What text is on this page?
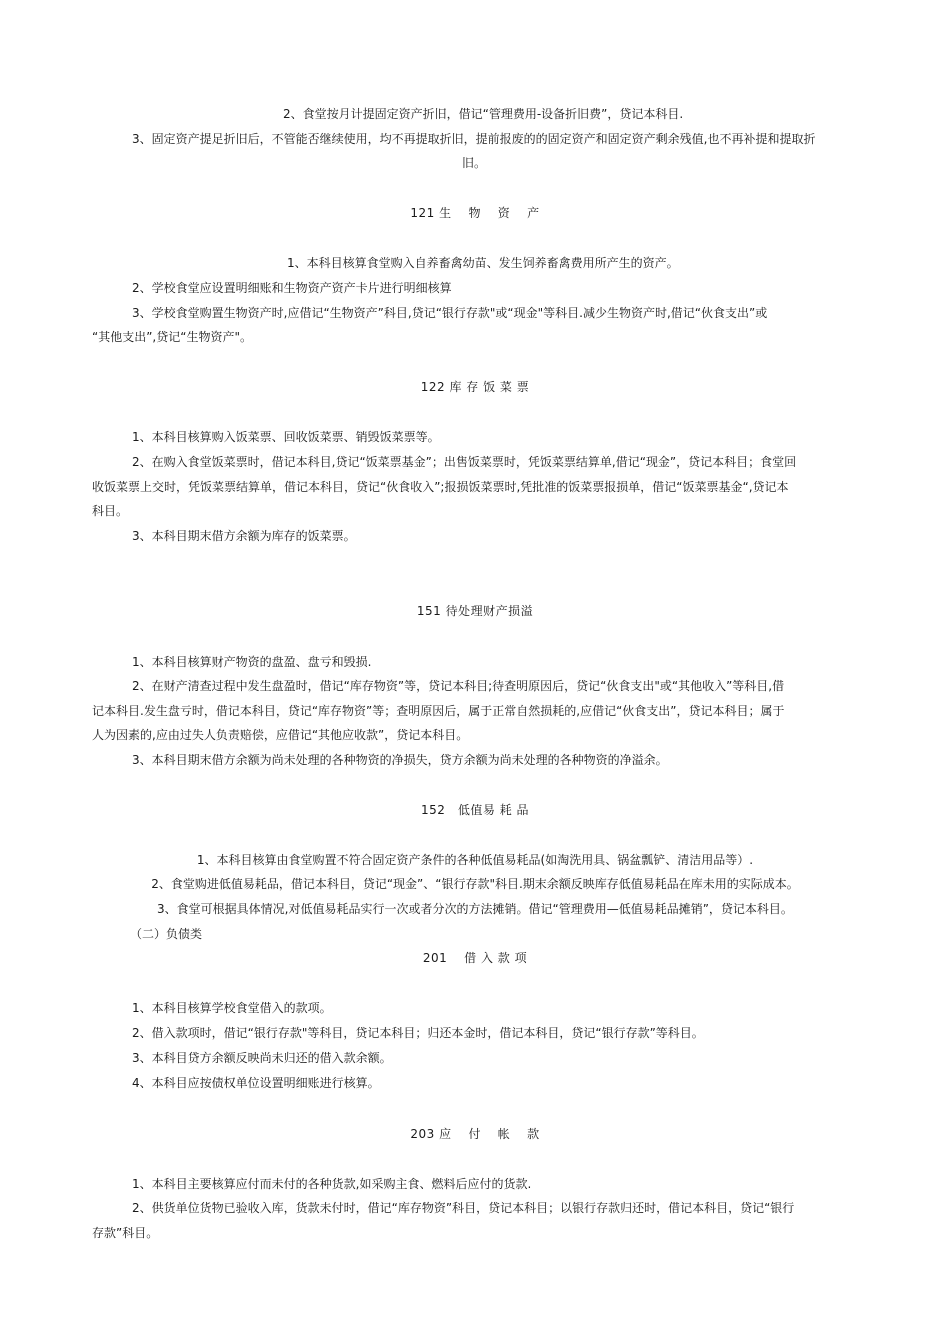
2、食堂按月计提固定资产折旧，借记“管理费用-设备折旧费”，贷记本科目.

3、固定资产提足折旧后，不管能否继续使用，均不再提取折旧，提前报废的的固定资产和固定资产剩余残值,也不再补提和提取折

旧。

121 生　 物　 资　 产

1、本科目核算食堂购入自养畜禽幼苗、发生饲养畜禽费用所产生的资产。

2、学校食堂应设置明细账和生物资产资产卡片进行明细核算

3、学校食堂购置生物资产时,应借记“生物资产”科目,贷记“银行存款"或“现金"等科目.减少生物资产时,借记“伙食支出”或

“其他支出”,贷记“生物资产"。

122 库 存 饭 菜 票

1、本科目核算购入饭菜票、回收饭菜票、销毁饭菜票等。

2、在购入食堂饭菜票时，借记本科目,贷记“饭菜票基金”；出售饭菜票时，凭饭菜票结算单,借记“现金”，贷记本科目；食堂回

收饭菜票上交时，凭饭菜票结算单，借记本科目，贷记“伙食收入”;报损饭菜票时,凭批准的饭菜票报损单，借记“饭菜票基金“,贷记本

科目。

3、本科目期末借方余额为库存的饭菜票。

151 待处理财产损溢

1、本科目核算财产物资的盘盈、盘亏和毁损.

2、在财产清查过程中发生盘盈时，借记“库存物资”等，贷记本科目;待查明原因后，贷记“伙食支出"或“其他收入”等科目,借

记本科目.发生盘亏时，借记本科目，贷记“库存物资”等；查明原因后，属于正常自然损耗的,应借记“伙食支出”，贷记本科目；属于

人为因素的,应由过失人负责赔偿，应借记“其他应收款”，贷记本科目。

3、本科目期末借方余额为尚未处理的各种物资的净损失，贷方余额为尚未处理的各种物资的净溢余。

152　低值易 耗 品

1、本科目核算由食堂购置不符合固定资产条件的各种低值易耗品(如淘洗用具、锅盆瓢铲、清洁用品等）.

2、食堂购进低值易耗品，借记本科目，贷记“现金”、“银行存款"科目.期末余额反映库存低值易耗品在库未用的实际成本。

3、食堂可根据具体情况,对低值易耗品实行一次或者分次的方法摊销。借记“管理费用—低值易耗品摊销”，贷记本科目。

（二）负债类

201　 借 入 款 项

1、本科目核算学校食堂借入的款项。

2、借入款项时，借记“银行存款"等科目，贷记本科目；归还本金时，借记本科目，贷记“银行存款”等科目。

3、本科目贷方余额反映尚未归还的借入款余额。

4、本科目应按债权单位设置明细账进行核算。

203 应　 付　 帐　 款

1、本科目主要核算应付而未付的各种货款,如采购主食、燃料后应付的货款.

2、供货单位货物已验收入库，货款未付时，借记“库存物资”科目，贷记本科目；以银行存款归还时，借记本科目，贷记“银行

存款”科目。
